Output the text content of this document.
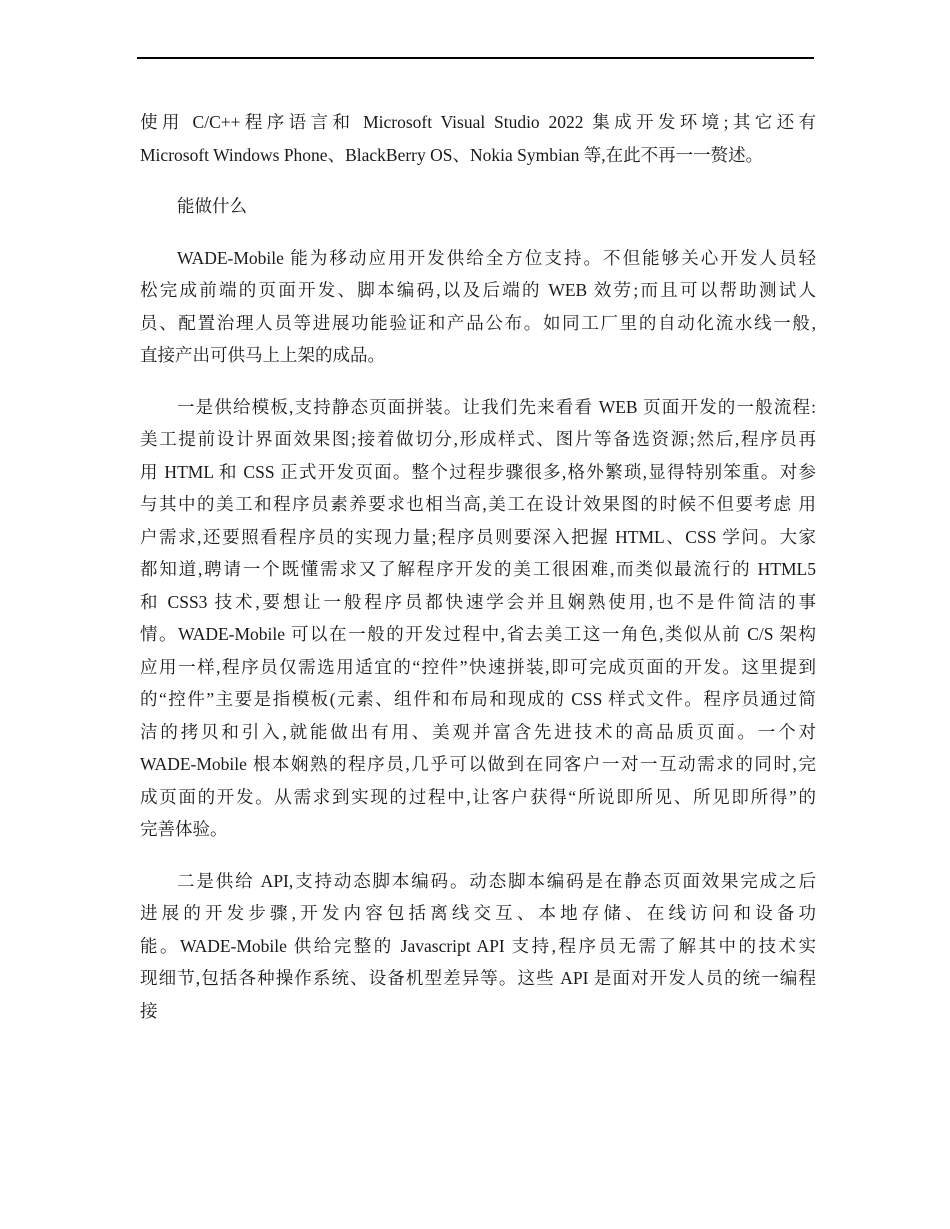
使用 C/C++程序语言和 Microsoft Visual Studio 2022 集成开发环境;其它还有
Microsoft Windows Phone、BlackBerry OS、Nokia Symbian 等,在此不再一一赘述。
能做什么
WADE-Mobile 能为移动应用开发供给全方位支持。不但能够关心开发人员轻
松完成前端的页面开发、脚本编码,以及后端的 WEB 效劳;而且可以帮助测试人
员、配置治理人员等进展功能验证和产品公布。如同工厂里的自动化流水线一般,
直接产出可供马上上架的成品。
一是供给模板,支持静态页面拼装。让我们先来看看 WEB 页面开发的一般流程:
美工提前设计界面效果图;接着做切分,形成样式、图片等备选资源;然后,程序员再
用 HTML 和 CSS 正式开发页面。整个过程步骤很多,格外繁琐,显得特别笨重。对参
与其中的美工和程序员素养要求也相当高,美工在设计效果图的时候不但要考虑 用
户需求,还要照看程序员的实现力量;程序员则要深入把握 HTML、CSS 学问。大家
都知道,聘请一个既懂需求又了解程序开发的美工很困难,而类似最流行的 HTML5
和 CSS3 技术,要想让一般程序员都快速学会并且娴熟使用,也不是件简洁的事
情。WADE-Mobile 可以在一般的开发过程中,省去美工这一角色,类似从前 C/S 架构
应用一样,程序员仅需选用适宜的“控件”快速拼装,即可完成页面的开发。这里提到
的“控件”主要是指模板(元素、组件和布局和现成的 CSS 样式文件。程序员通过简
洁的拷贝和引入,就能做出有用、美观并富含先进技术的高品质页面。一个对
WADE-Mobile 根本娴熟的程序员,几乎可以做到在同客户一对一互动需求的同时,完
成页面的开发。从需求到实现的过程中,让客户获得“所说即所见、所见即所得”的
完善体验。
二是供给 API,支持动态脚本编码。动态脚本编码是在静态页面效果完成之后
进展的开发步骤,开发内容包括离线交互、本地存储、在线访问和设备功
能。WADE-Mobile 供给完整的 Javascript API 支持,程序员无需了解其中的技术实
现细节,包括各种操作系统、设备机型差异等。这些 API 是面对开发人员的统一编程
接
